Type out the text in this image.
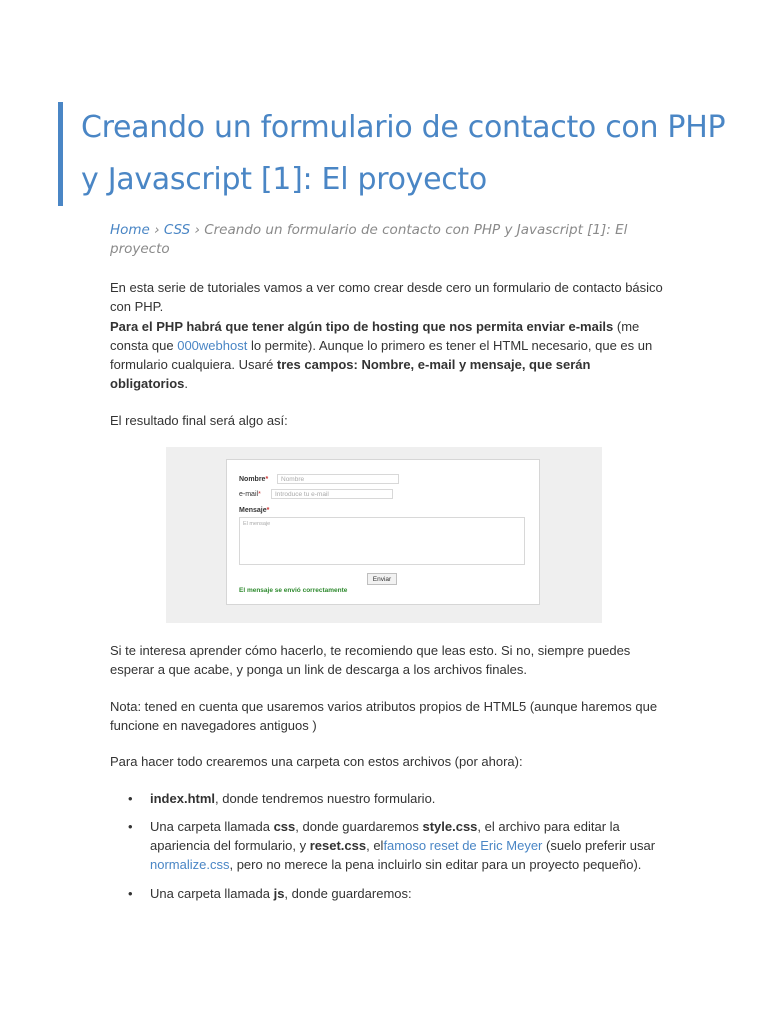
Creando un formulario de contacto con PHP y Javascript [1]: El proyecto
Home › CSS › Creando un formulario de contacto con PHP y Javascript [1]: El proyecto

En esta serie de tutoriales vamos a ver como crear desde cero un formulario de contacto básico con PHP.
Para el PHP habrá que tener algún tipo de hosting que nos permita enviar e-mails (me consta que 000webhost lo permite). Aunque lo primero es tener el HTML necesario, que es un formulario cualquiera. Usaré tres campos: Nombre, e-mail y mensaje, que serán obligatorios.

El resultado final será algo así:

Nombre*	Nombre
e-mail*	Introduce tu e-mail
Mensaje*
El mensaje
Enviar
El mensaje se envió correctamente

Si te interesa aprender cómo hacerlo, te recomiendo que leas esto. Si no, siempre puedes esperar a que acabe, y ponga un link de descarga a los archivos finales.

Nota: tened en cuenta que usaremos varios atributos propios de HTML5 (aunque haremos que funcione en navegadores antiguos )

Para hacer todo crearemos una carpeta con estos archivos (por ahora):

• index.html, donde tendremos nuestro formulario.
• Una carpeta llamada css, donde guardaremos style.css, el archivo para editar la apariencia del formulario, y reset.css, elfamoso reset de Eric Meyer (suelo preferir usar normalize.css, pero no merece la pena incluirlo sin editar para un proyecto pequeño).
• Una carpeta llamada js, donde guardaremos:
